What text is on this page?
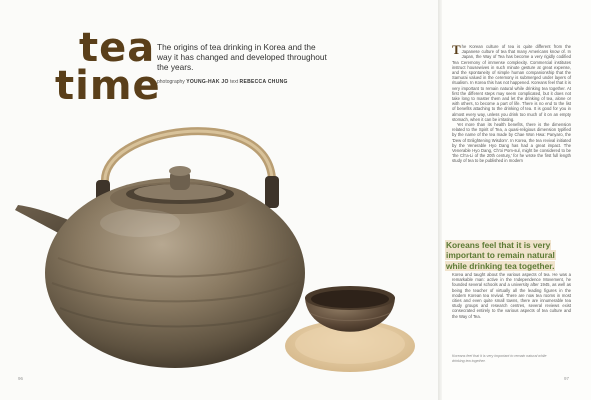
tea
time
The origins of tea drinking in Korea and the way it has changed and developed throughout the years.
photography YOUNG-HAK JO text REBECCA CHUNG
96	97

The Korean culture of tea is quite different from the Japanese culture of tea that many Americans know of. In Japan, the Way of Tea has become a very rigidly codified Tea Ceremony of immense complexity. Commercial institutes instruct housewives in such minute gesture at great expense, and the spontaneity of simple human companionship that the Samurai valued in the ceremony is submerged under layers of ritualism. In Korea this has not happened. Koreans feel that it is very important to remain natural while drinking tea together. At first the different steps may seem complicated, but it does not take long to master them and let the drinking of tea, alone or with others, to become a part of life. There is no end to the list of benefits attaching to the drinking of tea. It is good for you in almost every way, unless you drink too much of it on an empty stomach, when it can be irritating.

Yet more than its health benefits, there is the dimension related to the Spirit of Tea, a quasi-religious dimension typified by the name of the tea made by Chae Won Hwa: Panyaro, the 'Dew of Enlightening Wisdom'. In Korea, the tea revival initiated by the Venerable Hyo Dang has had a great impact. The Venerable Hyo Dang, Ch'oi Pom-sul, might be considered to be 'the Ch'a-Li of the 20th century,' for he wrote the first full length study of tea to be published in modern

Koreans feel that it is very important to remain natural while drinking tea together.
Korea and taught about the various aspects of tea. He was a remarkable man: active in the Independence Movement, he founded several schools and a university after 1945, as well as being the teacher of virtually all the leading figures in the modern Korean tea revival. There are now tea rooms in most cities and even quite small towns, there are innumerable tea study groups and research centres, several reviews exist consecrated entirely to the various aspects of tea culture and the Way of Tea.
Koreans feel that it is very important to remain natural while drinking tea together.
